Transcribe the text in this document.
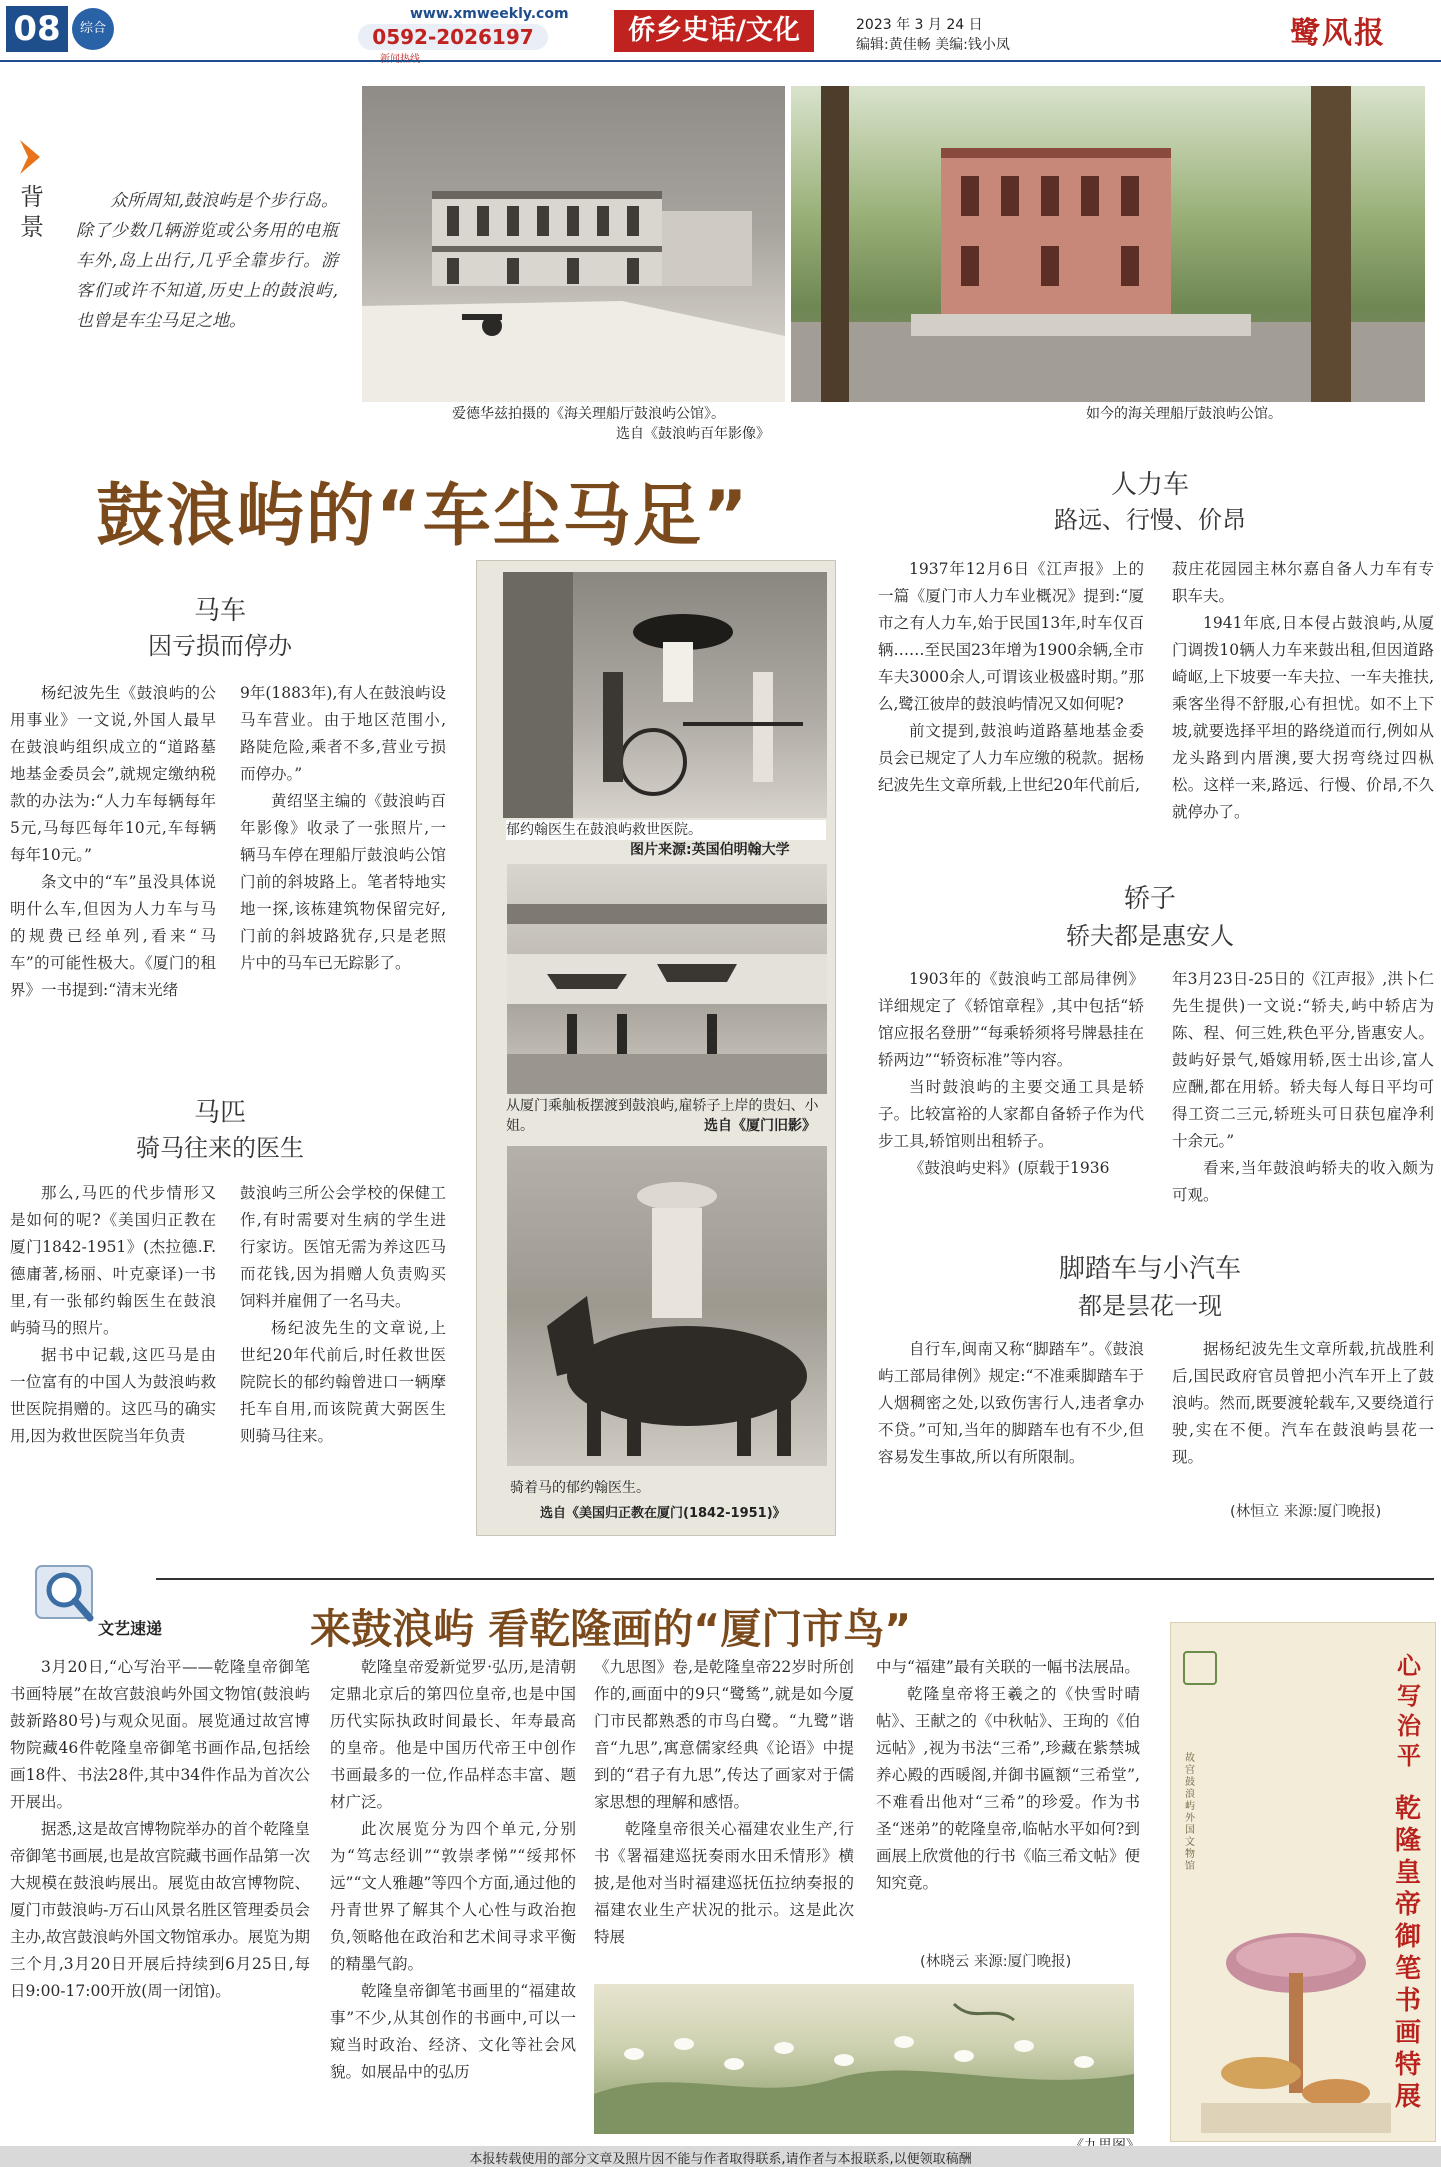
08	综合
www.xmweekly.com
0592-2026197	侨乡史话/文化	2023 年 3 月 24 日
编辑:黄佳畅 美编:钱小凤	鹭风报
背景
众所周知,鼓浪屿是个步行岛。除了少数几辆游览或公务用的电瓶车外,岛上出行,几乎全靠步行。游客们或许不知道,历史上的鼓浪屿,也曾是车尘马足之地。
爱德华兹拍摄的《海关理船厅鼓浪屿公馆》。
选自《鼓浪屿百年影像》
如今的海关理船厅鼓浪屿公馆。
鼓浪屿的“车尘马足”
马车
因亏损而停办

杨纪波先生《鼓浪屿的公用事业》一文说,外国人最早在鼓浪屿组织成立的“道路墓地基金委员会”,就规定缴纳税款的办法为:“人力车每辆每年5元,马每匹每年10元,车每辆每年10元。”

条文中的“车”虽没具体说明什么车,但因为人力车与马的规费已经单列,看来“马车”的可能性极大。《厦门的租界》一书提到:“清末光绪

9年(1883年),有人在鼓浪屿设马车营业。由于地区范围小,路陡危险,乘者不多,营业亏损而停办。”

黄绍坚主编的《鼓浪屿百年影像》收录了一张照片,一辆马车停在理船厅鼓浪屿公馆门前的斜坡路上。笔者特地实地一探,该栋建筑物保留完好,门前的斜坡路犹存,只是老照片中的马车已无踪影了。

马匹
骑马往来的医生

那么,马匹的代步情形又是如何的呢?《美国归正教在厦门1842-1951》(杰拉德.F.德庸著,杨丽、叶克豪译)一书里,有一张郁约翰医生在鼓浪屿骑马的照片。

据书中记载,这匹马是由一位富有的中国人为鼓浪屿救世医院捐赠的。这匹马的确实用,因为救世医院当年负责

鼓浪屿三所公会学校的保健工作,有时需要对生病的学生进行家访。医馆无需为养这匹马而花钱,因为捐赠人负责购买饲料并雇佣了一名马夫。

杨纪波先生的文章说,上世纪20年代前后,时任救世医院院长的郁约翰曾进口一辆摩托车自用,而该院黄大弼医生则骑马往来。

郁约翰医生在鼓浪屿救世医院。
图片来源:英国伯明翰大学
从厦门乘舢板摆渡到鼓浪屿,雇轿子上岸的贵妇、小姐。	选自《厦门旧影》
骑着马的郁约翰医生。
选自《美国归正教在厦门(1842-1951)》
人力车
路远、行慢、价昂

1937年12月6日《江声报》上的一篇《厦门市人力车业概况》提到:“厦市之有人力车,始于民国13年,时车仅百辆……至民国23年增为1900余辆,全市车夫3000余人,可谓该业极盛时期。”那么,鹭江彼岸的鼓浪屿情况又如何呢?

前文提到,鼓浪屿道路墓地基金委员会已规定了人力车应缴的税款。据杨纪波先生文章所载,上世纪20年代前后,

菽庄花园园主林尔嘉自备人力车有专职车夫。

1941年底,日本侵占鼓浪屿,从厦门调拨10辆人力车来鼓出租,但因道路崎岖,上下坡要一车夫拉、一车夫推扶,乘客坐得不舒服,心有担忧。如不上下坡,就要选择平坦的路绕道而行,例如从龙头路到内厝澳,要大拐弯绕过四枞松。这样一来,路远、行慢、价昂,不久就停办了。

轿子
轿夫都是惠安人

1903年的《鼓浪屿工部局律例》详细规定了《轿馆章程》,其中包括“轿馆应报名登册”“每乘轿须将号牌悬挂在轿两边”“轿资标准”等内容。

当时鼓浪屿的主要交通工具是轿子。比较富裕的人家都自备轿子作为代步工具,轿馆则出租轿子。

《鼓浪屿史料》(原载于1936

年3月23日-25日的《江声报》,洪卜仁先生提供)一文说:“轿夫,屿中轿店为陈、程、何三姓,秩色平分,皆惠安人。鼓屿好景气,婚嫁用轿,医士出诊,富人应酬,都在用轿。轿夫每人每日平均可得工资二三元,轿班头可日获包雇净利十余元。”

看来,当年鼓浪屿轿夫的收入颇为可观。

脚踏车与小汽车
都是昙花一现

自行车,闽南又称“脚踏车”。《鼓浪屿工部局律例》规定:“不准乘脚踏车于人烟稠密之处,以致伤害行人,违者拿办不贷。”可知,当年的脚踏车也有不少,但容易发生事故,所以有所限制。

据杨纪波先生文章所载,抗战胜利后,国民政府官员曾把小汽车开上了鼓浪屿。然而,既要渡轮载车,又要绕道行驶,实在不便。汽车在鼓浪屿昙花一现。

(林恒立 来源:厦门晚报)
文艺速递	来鼓浪屿 看乾隆画的“厦门市鸟”

3月20日,“心写治平——乾隆皇帝御笔书画特展”在故宫鼓浪屿外国文物馆(鼓浪屿鼓新路80号)与观众见面。展览通过故宫博物院藏46件乾隆皇帝御笔书画作品,包括绘画18件、书法28件,其中34件作品为首次公开展出。

据悉,这是故宫博物院举办的首个乾隆皇帝御笔书画展,也是故宫院藏书画作品第一次大规模在鼓浪屿展出。展览由故宫博物院、厦门市鼓浪屿-万石山风景名胜区管理委员会主办,故宫鼓浪屿外国文物馆承办。展览为期三个月,3月20日开展后持续到6月25日,每日9:00-17:00开放(周一闭馆)。

乾隆皇帝爱新觉罗·弘历,是清朝定鼎北京后的第四位皇帝,也是中国历代实际执政时间最长、年寿最高的皇帝。他是中国历代帝王中创作书画最多的一位,作品样态丰富、题材广泛。

此次展览分为四个单元,分别为“笃志经训”“敦崇孝悌”“绥邦怀远”“文人雅趣”等四个方面,通过他的丹青世界了解其个人心性与政治抱负,领略他在政治和艺术间寻求平衡的精墨气韵。

乾隆皇帝御笔书画里的“福建故事”不少,从其创作的书画中,可以一窥当时政治、经济、文化等社会风貌。如展品中的弘历

《九思图》卷,是乾隆皇帝22岁时所创作的,画面中的9只“鹭鸶”,就是如今厦门市民都熟悉的市鸟白鹭。“九鹭”谐音“九思”,寓意儒家经典《论语》中提到的“君子有九思”,传达了画家对于儒家思想的理解和感悟。

乾隆皇帝很关心福建农业生产,行书《署福建巡抚奏雨水田禾情形》横披,是他对当时福建巡抚伍拉纳奏报的福建农业生产状况的批示。这是此次特展

中与“福建”最有关联的一幅书法展品。

乾隆皇帝将王羲之的《快雪时晴帖》、王献之的《中秋帖》、王珣的《伯远帖》,视为书法“三希”,珍藏在紫禁城养心殿的西暖阁,并御书匾额“三希堂”,不难看出他对“三希”的珍爱。作为书圣“迷弟”的乾隆皇帝,临帖水平如何?到画展上欣赏他的行书《临三希文帖》便知究竟。

(林晓云 来源:厦门晚报)
心写治平
乾隆皇帝御笔书画特展
故宫鼓浪屿外国文物馆
本报转载使用的部分文章及照片因不能与作者取得联系,请作者与本报联系,以便领取稿酬
